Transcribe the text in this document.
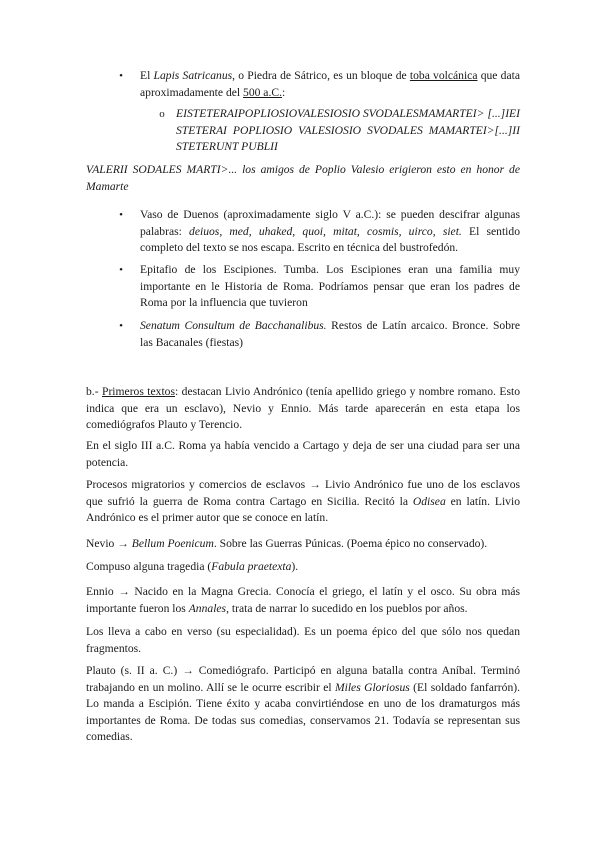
•	El Lapis Satricanus, o Piedra de Sátrico, es un bloque de toba volcánica que data aproximadamente del 500 a.C.:
o EISTETERAIPOPLIOSIOVALESIOSIO SVODALESMAMARTEI> [...]IEI STETERAI POPLIOSIO VALESIOSIO SVODALES MAMARTEI>[...]II STETERUNT PUBLII
VALERII SODALES MARTI>... los amigos de Poplio Valesio erigieron esto en honor de Mamarte
•	Vaso de Duenos (aproximadamente siglo V a.C.): se pueden descifrar algunas palabras: deiuos, med, uhaked, quoi, mitat, cosmis, uirco, siet. El sentido completo del texto se nos escapa. Escrito en técnica del bustrofedón.
•	Epitafio de los Escipiones. Tumba. Los Escipiones eran una familia muy importante en le Historia de Roma. Podríamos pensar que eran los padres de Roma por la influencia que tuvieron
•	Senatum Consultum de Bacchanalibus. Restos de Latín arcaico. Bronce. Sobre las Bacanales (fiestas)
b.- Primeros textos: destacan Livio Andrónico (tenía apellido griego y nombre romano. Esto indica que era un esclavo), Nevio y Ennio. Más tarde aparecerán en esta etapa los comediógrafos Plauto y Terencio.
En el siglo III a.C. Roma ya había vencido a Cartago y deja de ser una ciudad para ser una potencia.
Procesos migratorios y comercios de esclavos → Livio Andrónico fue uno de los esclavos que sufrió la guerra de Roma contra Cartago en Sicilia. Recitó la Odisea en latín. Livio Andrónico es el primer autor que se conoce en latín.
Nevio → Bellum Poenicum. Sobre las Guerras Púnicas. (Poema épico no conservado).
Compuso alguna tragedia (Fabula praetexta).
Ennio → Nacido en la Magna Grecia. Conocía el griego, el latín y el osco. Su obra más importante fueron los Annales, trata de narrar lo sucedido en los pueblos por años.
Los lleva a cabo en verso (su especialidad). Es un poema épico del que sólo nos quedan fragmentos.
Plauto (s. II a. C.) → Comediógrafo. Participó en alguna batalla contra Aníbal. Terminó trabajando en un molino. Allí se le ocurre escribir el Miles Gloriosus (El soldado fanfarrón). Lo manda a Escipión. Tiene éxito y acaba convirtiéndose en uno de los dramaturgos más importantes de Roma. De todas sus comedias, conservamos 21. Todavía se representan sus comedias.
